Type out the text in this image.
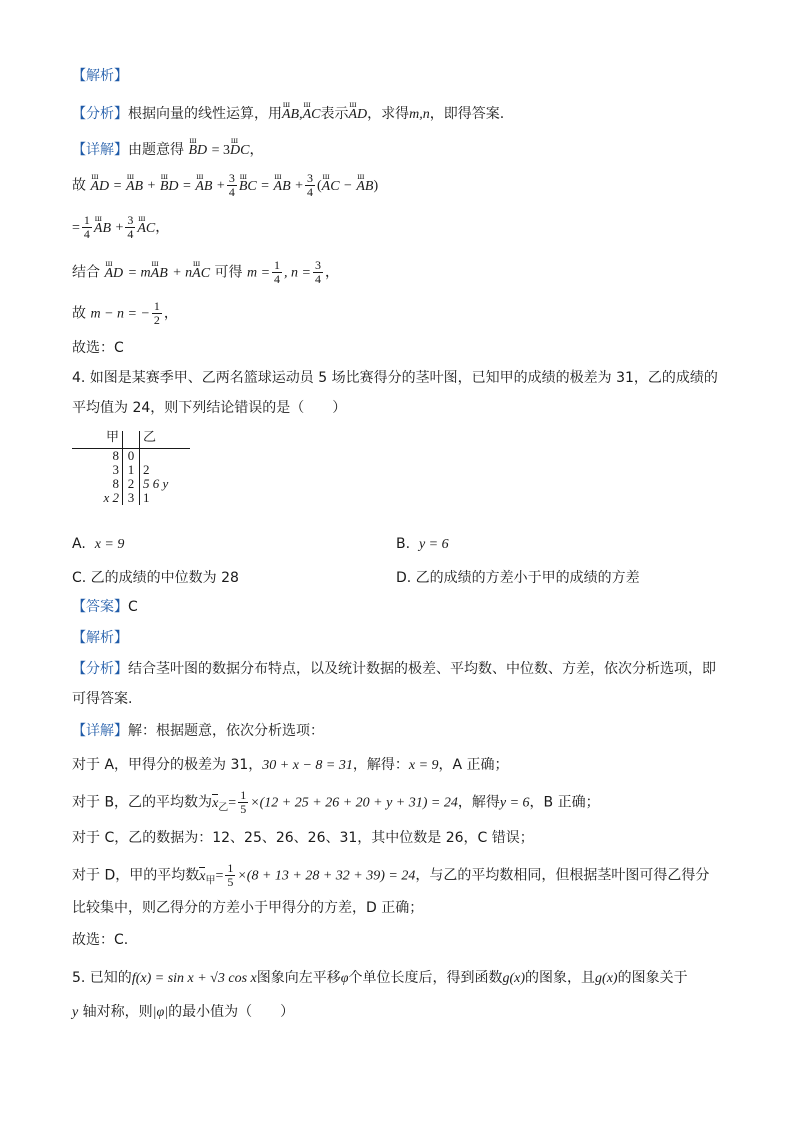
【解析】
【分析】根据向量的线性运算，用ш AB,ш AC表示ш AD，求得m,n，即得答案.
【详解】由题意得 ш BD = 3ш DC，
故 ш AD = ш AB + ш BD = ш AB + $\frac{3}{4}$ ш BC = ш AB + $\frac{3}{4} (ш$ AC − ш AB)
= $\frac{1}{4}$ ш AB + $\frac{3}{4}$ ш AC，
结合 ш AD = mш AB + nш AC 可得 $m = \frac{1}{4}$ , $n = \frac{3}{4}$ ，
故 m − n = − $\frac{1}{2}$ ，
故选：C
4. 如图是某赛季甲、乙两名篮球运动员 5 场比赛得分的茎叶图，已知甲的成绩的极差为 31，乙的成绩的
平均值为 24，则下列结论错误的是（　　）
甲		乙
8	0	
3	1	2
8	2	5 6 y
x 2	3	1
A. x = 9	B. y = 6
C. 乙的成绩的中位数为 28	D. 乙的成绩的方差小于甲的成绩的方差
【答案】C
【解析】
【分析】结合茎叶图的数据分布特点，以及统计数据的极差、平均数、中位数、方差，依次分析选项，即
可得答案.
【详解】解：根据题意，依次分析选项：
对于 A，甲得分的极差为 31，30 + x − 8 = 31，解得：x = 9，A 正确；
对于 B，乙的平均数为$x_乙= \frac{1}{5} \times(12 + 25 + 26 + 20 + y + 31) = 24$，解得y = 6，B 正确；
对于 C，乙的数据为：12、25、26、26、31，其中位数是 26，C 错误；
对于 D，甲的平均数$x_甲= \frac{1}{5} \times(8 + 13 + 28 + 32 + 39) = 24$，与乙的平均数相同，但根据茎叶图可得乙得分
比较集中，则乙得分的方差小于甲得分的方差，D 正确；
故选：C.
5. 已知的f(x) = sin x + √3 cos x图象向左平移φ个单位长度后，得到函数g(x)的图象，且g(x)的图象关于
y 轴对称，则|φ|的最小值为（　　）
